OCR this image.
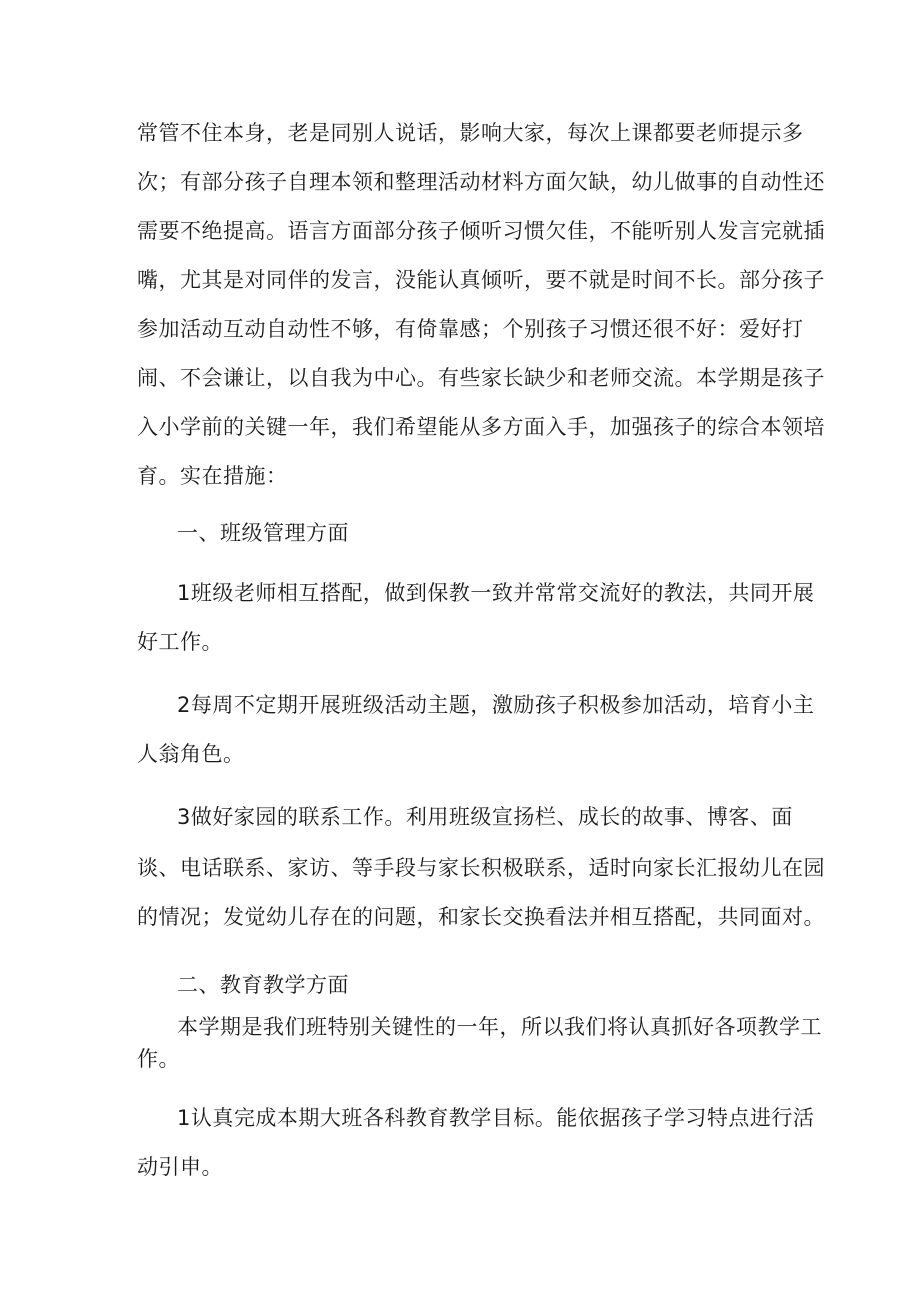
常管不住本身，老是同别人说话，影响大家，每次上课都要老师提示多
次；有部分孩子自理本领和整理活动材料方面欠缺，幼儿做事的自动性还
需要不绝提高。语言方面部分孩子倾听习惯欠佳，不能听别人发言完就插
嘴，尤其是对同伴的发言，没能认真倾听，要不就是时间不长。部分孩子
参加活动互动自动性不够，有倚靠感；个别孩子习惯还很不好：爱好打
闹、不会谦让，以自我为中心。有些家长缺少和老师交流。本学期是孩子
入小学前的关键一年，我们希望能从多方面入手，加强孩子的综合本领培
育。实在措施：
一、班级管理方面
1班级老师相互搭配，做到保教一致并常常交流好的教法，共同开展
好工作。
2每周不定期开展班级活动主题，激励孩子积极参加活动，培育小主
人翁角色。
3做好家园的联系工作。利用班级宣扬栏、成长的故事、博客、面
谈、电话联系、家访、等手段与家长积极联系，适时向家长汇报幼儿在园
的情况；发觉幼儿存在的问题，和家长交换看法并相互搭配，共同面对。
二、教育教学方面
本学期是我们班特别关键性的一年，所以我们将认真抓好各项教学工
作。
1认真完成本期大班各科教育教学目标。能依据孩子学习特点进行活
动引申。
